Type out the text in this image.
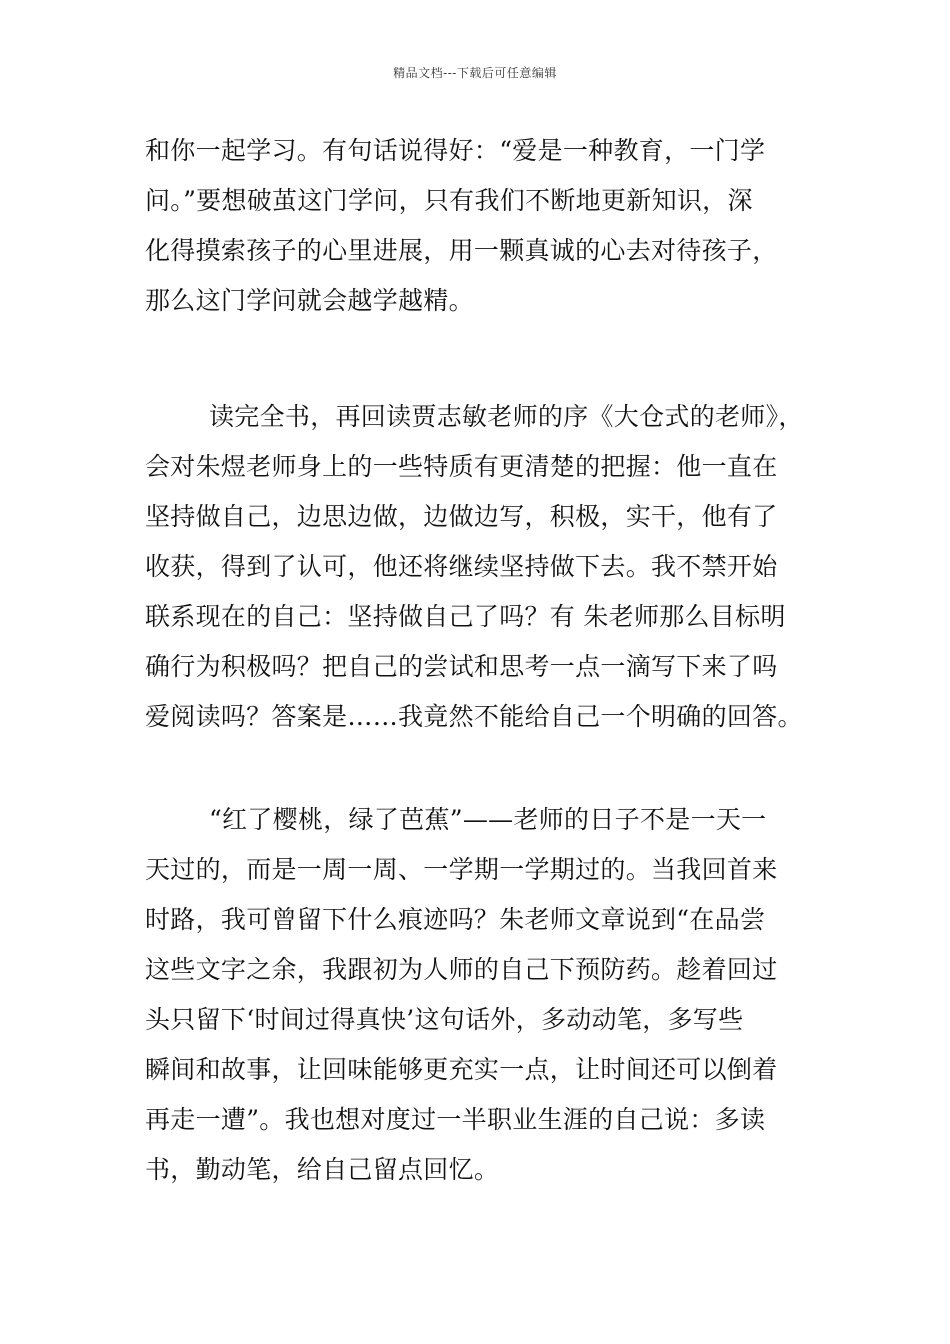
精品文档---下载后可任意编辑
和你一起学习。有句话说得好：“爱是一种教育，一门学
问。”要想破茧这门学问，只有我们不断地更新知识，深
化得摸索孩子的心里进展，用一颗真诚的心去对待孩子，
那么这门学问就会越学越精。
读完全书，再回读贾志敏老师的序《大仓式的老师》，
会对朱煜老师身上的一些特质有更清楚的把握：他一直在
坚持做自己，边思边做，边做边写，积极，实干，他有了
收获，得到了认可，他还将继续坚持做下去。我不禁开始
联系现在的自己：坚持做自己了吗？有 朱老师那么目标明
确行为积极吗？把自己的尝试和思考一点一滴写下来了吗
爱阅读吗？答案是……我竟然不能给自己一个明确的回答。
“红了樱桃，绿了芭蕉”——老师的日子不是一天一
天过的，而是一周一周、一学期一学期过的。当我回首来
时路，我可曾留下什么痕迹吗？朱老师文章说到“在品尝
这些文字之余，我跟初为人师的自己下预防药。趁着回过
头只留下‘时间过得真快’这句话外，多动动笔，多写些
瞬间和故事，让回味能够更充实一点，让时间还可以倒着
再走一遭”。我也想对度过一半职业生涯的自己说：多读
书，勤动笔，给自己留点回忆。
